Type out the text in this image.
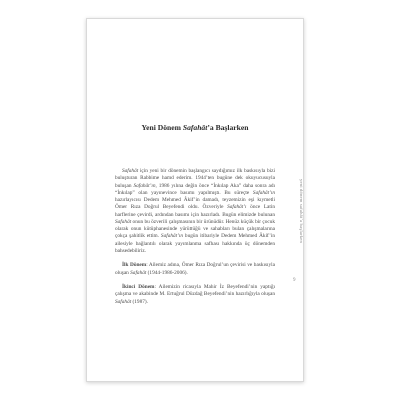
Yeni Dönem Safahât’a Başlarken

Safahât için yeni bir dönemin başlangıcı saydığımız ilk baskısıyla bizi buluşturan Rabbime hamd ederim. 1944’ten bugüne dek okuyucusuyla buluşan Safahât’ın, 1986 yılına değin önce “İnkılap Aka” daha sonra adı “İnkılap” olan yayınevince basımı yapılmıştı. Bu süreçte Safahât’ın hazırlayıcısı Dedem Mehmed Âkif’in damadı, teyzemizin eşi kıymetli Ömer Rıza Doğrul Beyefendi oldu. Özveriyle Safahât’ı önce Latin harflerine çevirdi, ardından basımı için hazırladı. Bugün elimizde bulunan Safahât onun bu özverili çalışmasının bir ürünüdür. Henüz küçük bir çocuk olarak onun kütüphanesinde yürüttüğü ve sahabları bulan çalışmalarına çokça şahitlik ettim. Safahât’ın bugün itibariyle Dedem Mehmed Âkif’in ailesiyle bağlantılı olarak yayımlanma safhası hakkında üç dönemden bahsedebiliriz.

İlk Dönem: Ailemiz adına, Ömer Rıza Doğrul’un çevirisi ve baskısıyla oluşan Safahât (1944-1986-2006).

İkinci Dönem: Ailemizin ricasıyla Mahir İz Beyefendi’nin yaptığı çalışma ve akabinde M. Ertuğrul Düzdağ Beyefendi’nin hazırlığıyla oluşan Safahât (1987).

yeni dönem safahât’a başlarken
9
